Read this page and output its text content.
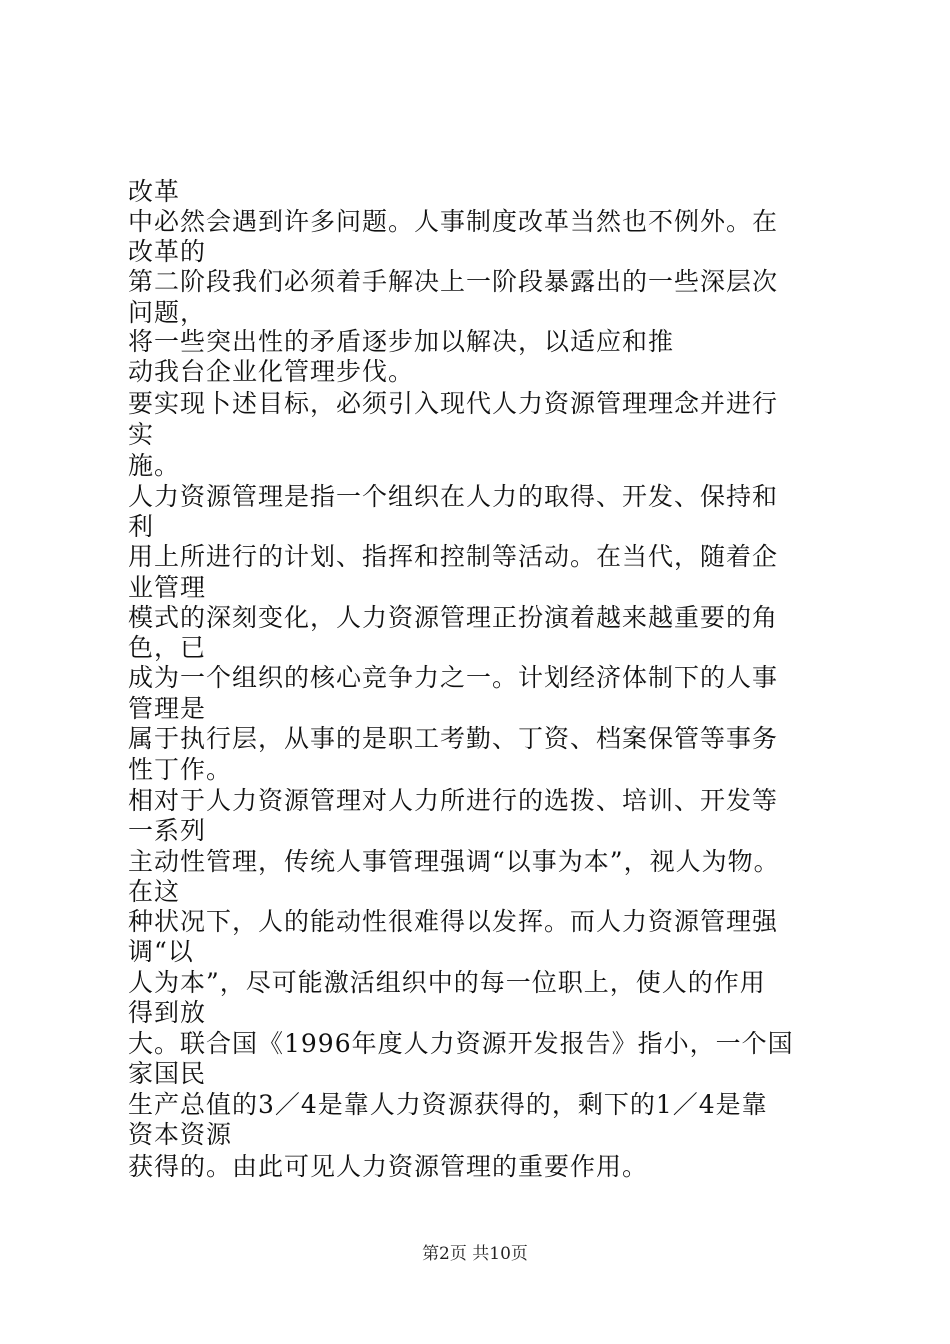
改革
中必然会遇到许多问题。人事制度改革当然也不例外。在
改革的
第二阶段我们必须着手解决上一阶段暴露出的一些深层次
问题，
将一些突出性的矛盾逐步加以解决，以适应和推
动我台企业化管理步伐。
要实现卜述目标，必须引入现代人力资源管理理念并进行
实
施。
人力资源管理是指一个组织在人力的取得、开发、保持和
利
用上所进行的计划、指挥和控制等活动。在当代，随着企
业管理
模式的深刻变化，人力资源管理正扮演着越来越重要的角
色，已
成为一个组织的核心竞争力之一。计划经济体制下的人事
管理是
属于执行层，从事的是职工考勤、丁资、档案保管等事务
性丁作。
相对于人力资源管理对人力所进行的选拨、培训、开发等
一系列
主动性管理，传统人事管理强调“以事为本”，视人为物。
在这
种状况下，人的能动性很难得以发挥。而人力资源管理强
调“以
人为本”，尽可能激活组织中的每一位职上，使人的作用
得到放
大。联合国《1996年度人力资源开发报告》指小，一个国
家国民
生产总值的3／4是靠人力资源获得的，剩下的1／4是靠
资本资源
获得的。由此可见人力资源管理的重要作用。
第2页 共10页
